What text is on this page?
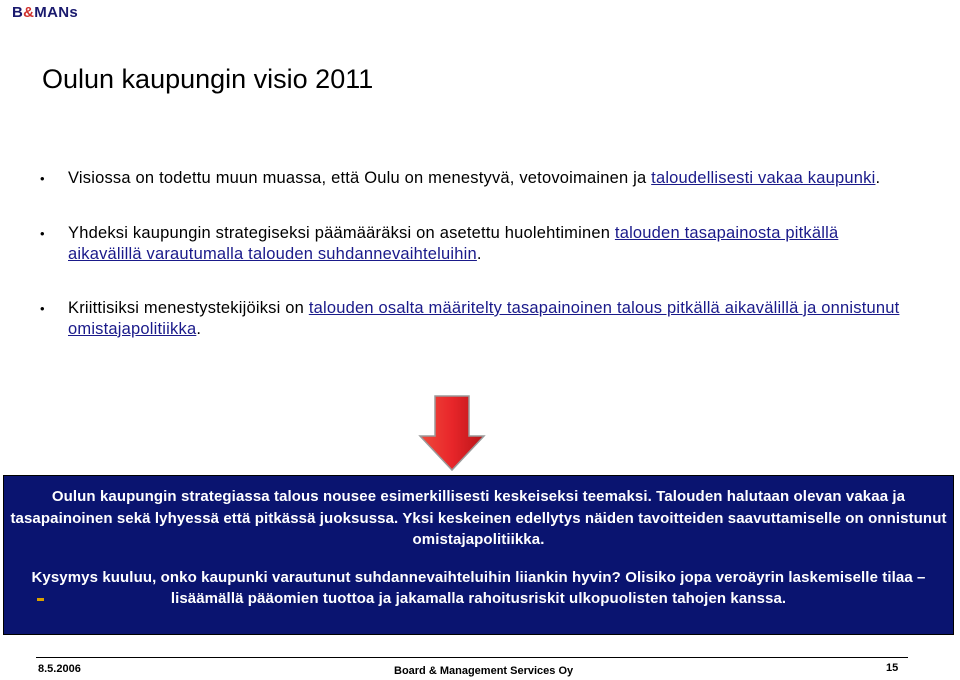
B&MANs
Oulun kaupungin visio 2011
• Visiossa on todettu muun muassa, että Oulu on menestyvä, vetovoimainen ja taloudellisesti vakaa kaupunki.
• Yhdeksi kaupungin strategiseksi päämääräksi on asetettu huolehtiminen talouden tasapainosta pitkällä aikavälillä varautumalla talouden suhdannevaihteluihin.
• Kriittisiksi menestystekijöiksi on talouden osalta määritelty tasapainoinen talous pitkällä aikavälillä ja onnistunut omistajapolitiikka.

Oulun kaupungin strategiassa talous nousee esimerkillisesti keskeiseksi teemaksi. Talouden halutaan olevan vakaa ja tasapainoinen sekä lyhyessä että pitkässä juoksussa. Yksi keskeinen edellytys näiden tavoitteiden saavuttamiselle on onnistunut omistajapolitiikka.

Kysymys kuuluu, onko kaupunki varautunut suhdannevaihteluihin liiankin hyvin? Olisiko jopa veroäyrin laskemiselle tilaa – lisäämällä pääomien tuottoa ja jakamalla rahoitusriskit ulkopuolisten tahojen kanssa.

8.5.2006	Board & Management Services Oy	15
